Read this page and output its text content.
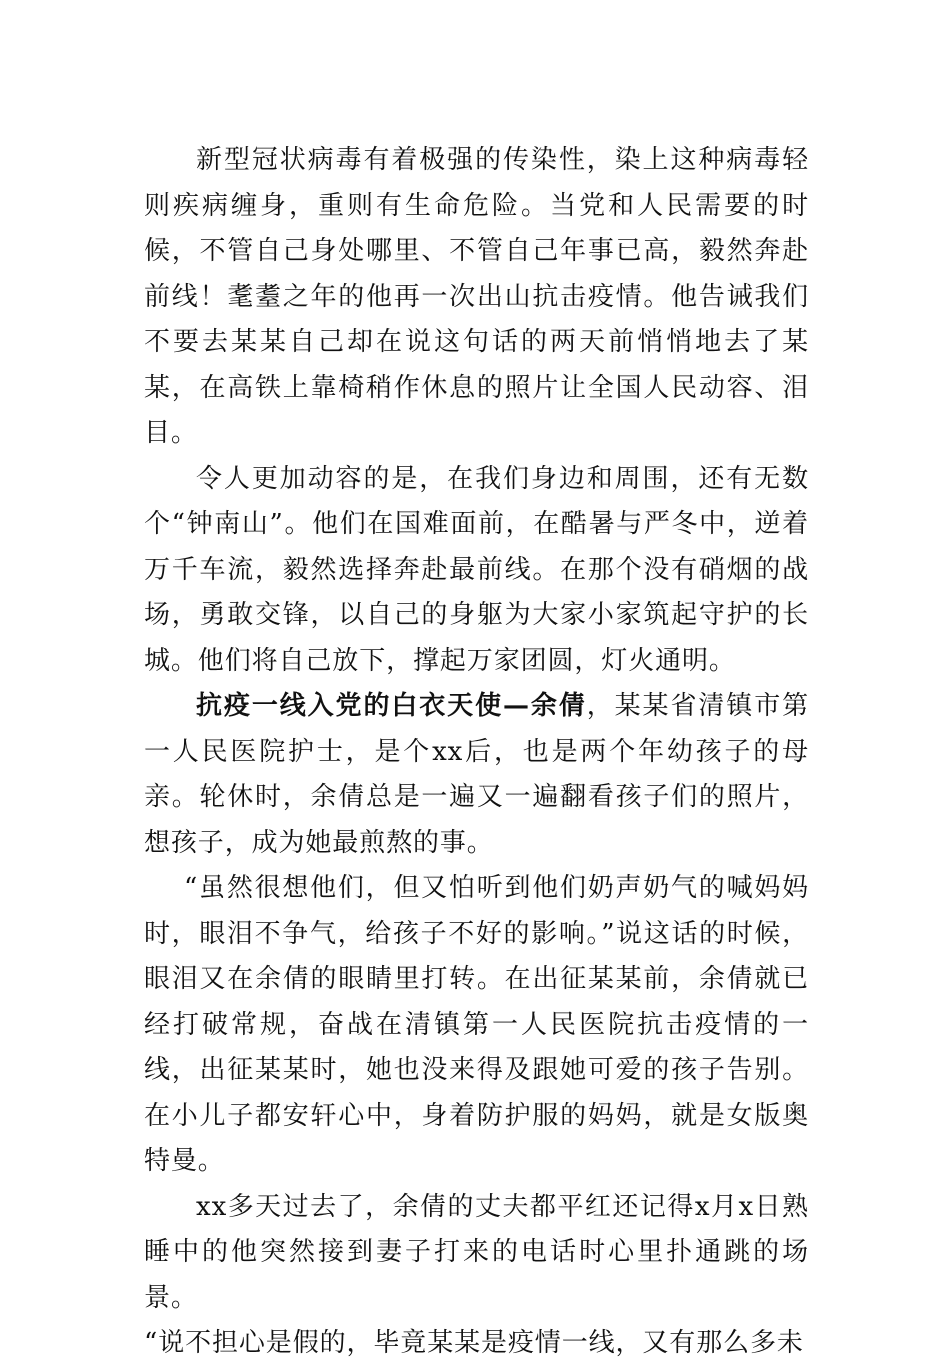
新型冠状病毒有着极强的传染性，染上这种病毒轻则疾病缠身，重则有生命危险。当党和人民需要的时候，不管自己身处哪里、不管自己年事已高，毅然奔赴前线！耄耋之年的他再一次出山抗击疫情。他告诫我们不要去某某自己却在说这句话的两天前悄悄地去了某某，在高铁上靠椅稍作休息的照片让全国人民动容、泪目。

令人更加动容的是，在我们身边和周围，还有无数个“钟南山”。他们在国难面前，在酷暑与严冬中，逆着万千车流，毅然选择奔赴最前线。在那个没有硝烟的战场，勇敢交锋，以自己的身躯为大家小家筑起守护的长城。他们将自己放下，撑起万家团圆，灯火通明。

抗疫一线入党的白衣天使—余倩，某某省清镇市第一人民医院护士，是个xx后，也是两个年幼孩子的母亲。轮休时，余倩总是一遍又一遍翻看孩子们的照片，想孩子，成为她最煎熬的事。

“虽然很想他们，但又怕听到他们奶声奶气的喊妈妈时，眼泪不争气，给孩子不好的影响。”说这话的时候，眼泪又在余倩的眼睛里打转。在出征某某前，余倩就已经打破常规，奋战在清镇第一人民医院抗击疫情的一线，出征某某时，她也没来得及跟她可爱的孩子告别。在小儿子都安轩心中，身着防护服的妈妈，就是女版奥特曼。

xx多天过去了，余倩的丈夫都平红还记得x月x日熟睡中的他突然接到妻子打来的电话时心里扑通跳的场景。

“说不担心是假的，毕竟某某是疫情一线，又有那么多未
